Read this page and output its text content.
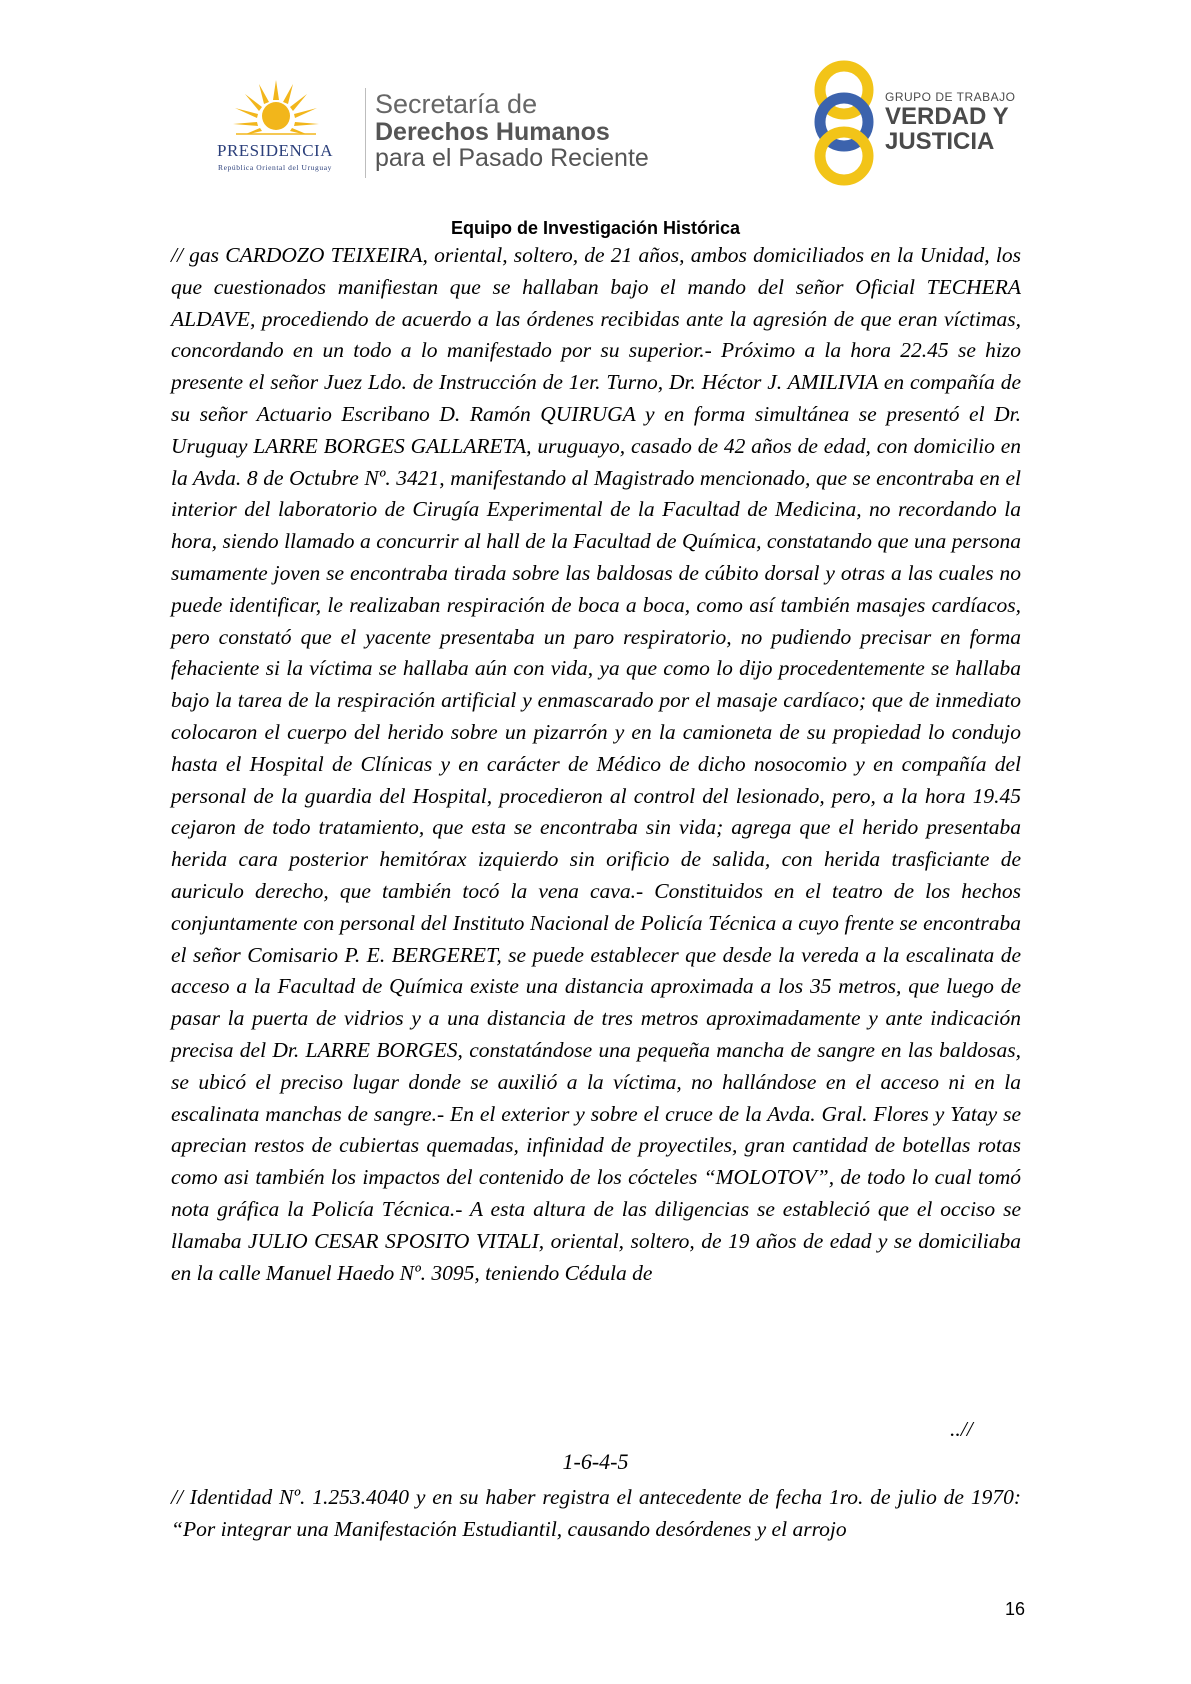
PRESIDENCIA
República Oriental del Uruguay
Secretaría de
Derechos Humanos
para el Pasado Reciente
GRUPO DE TRABAJO
VERDAD Y
JUSTICIA
Equipo de Investigación Histórica

// gas CARDOZO TEIXEIRA, oriental, soltero, de 21 años, ambos domiciliados en la Unidad, los que cuestionados manifiestan que se hallaban bajo el mando del señor Oficial TECHERA ALDAVE, procediendo de acuerdo a las órdenes recibidas ante la agresión de que eran víctimas, concordando en un todo a lo manifestado por su superior.- Próximo a la hora 22.45 se hizo presente el señor Juez Ldo. de Instrucción de 1er. Turno, Dr. Héctor J. AMILIVIA en compañía de su señor Actuario Escribano D. Ramón QUIRUGA y en forma simultánea se presentó el Dr. Uruguay LARRE BORGES GALLARETA, uruguayo, casado de 42 años de edad, con domicilio en la Avda. 8 de Octubre Nº. 3421, manifestando al Magistrado mencionado, que se encontraba en el interior del laboratorio de Cirugía Experimental de la Facultad de Medicina, no recordando la hora, siendo llamado a concurrir al hall de la Facultad de Química, constatando que una persona sumamente joven se encontraba tirada sobre las baldosas de cúbito dorsal y otras a las cuales no puede identificar, le realizaban respiración de boca a boca, como así también masajes cardíacos, pero constató que el yacente presentaba un paro respiratorio, no pudiendo precisar en forma fehaciente si la víctima se hallaba aún con vida, ya que como lo dijo procedentemente se hallaba bajo la tarea de la respiración artificial y enmascarado por el masaje cardíaco; que de inmediato colocaron el cuerpo del herido sobre un pizarrón y en la camioneta de su propiedad lo condujo hasta el Hospital de Clínicas y en carácter de Médico de dicho nosocomio y en compañía del personal de la guardia del Hospital, procedieron al control del lesionado, pero, a la hora 19.45 cejaron de todo tratamiento, que esta se encontraba sin vida; agrega que el herido presentaba herida cara posterior hemitórax izquierdo sin orificio de salida, con herida trasficiante de auriculo derecho, que también tocó la vena cava.- Constituidos en el teatro de los hechos conjuntamente con personal del Instituto Nacional de Policía Técnica a cuyo frente se encontraba el señor Comisario P. E. BERGERET, se puede establecer que desde la vereda a la escalinata de acceso a la Facultad de Química existe una distancia aproximada a los 35 metros, que luego de pasar la puerta de vidrios y a una distancia de tres metros aproximadamente y ante indicación precisa del Dr. LARRE BORGES, constatándose una pequeña mancha de sangre en las baldosas, se ubicó el preciso lugar donde se auxilió a la víctima, no hallándose en el acceso ni en la escalinata manchas de sangre.- En el exterior y sobre el cruce de la Avda. Gral. Flores y Yatay se aprecian restos de cubiertas quemadas, infinidad de proyectiles, gran cantidad de botellas rotas como asi también los impactos del contenido de los cócteles “MOLOTOV”, de todo lo cual tomó nota gráfica la Policía Técnica.- A esta altura de las diligencias se estableció que el occiso se llamaba JULIO CESAR SPOSITO VITALI, oriental, soltero, de 19 años de edad y se domiciliaba en la calle Manuel Haedo Nº. 3095, teniendo Cédula de

..//
1-6-4-5

// Identidad Nº. 1.253.4040 y en su haber registra el antecedente de fecha 1ro. de julio de 1970: “Por integrar una Manifestación Estudiantil, causando desórdenes y el arrojo

16
